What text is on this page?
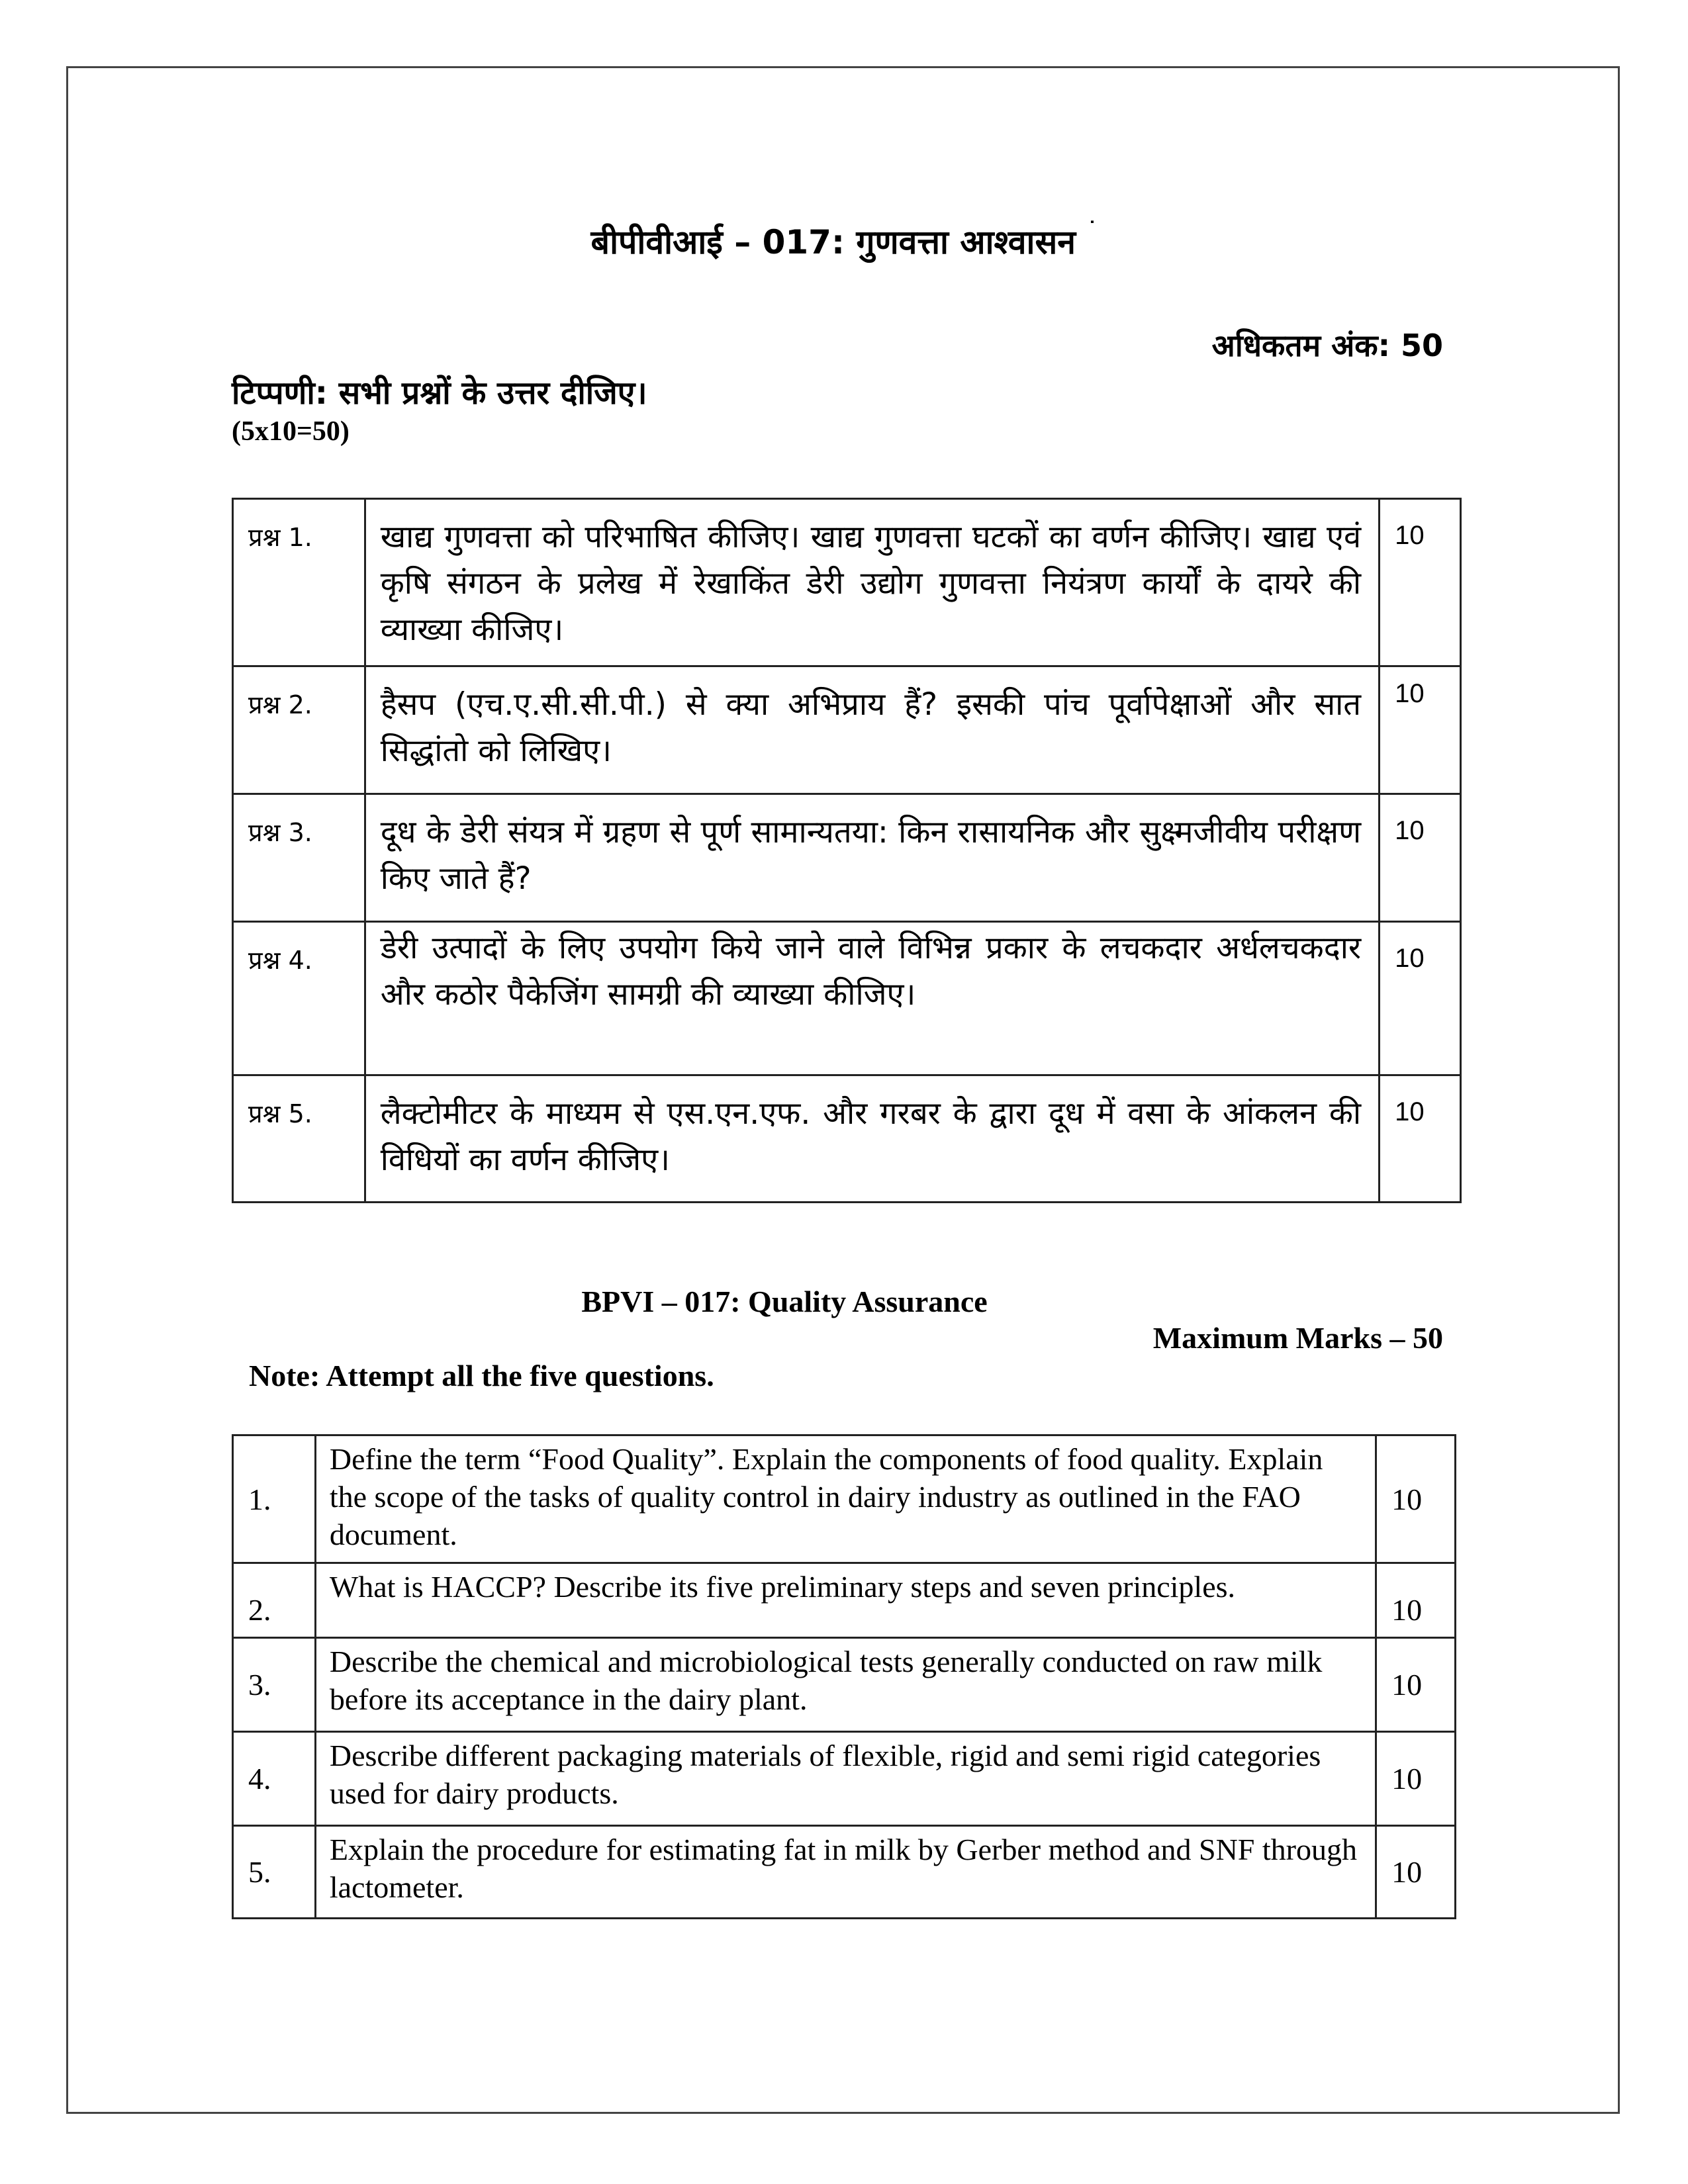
बीपीवीआई – 017: गुणवत्ता आश्वासन ˙
अधिकतम अंक: 50
टिप्पणी: सभी प्रश्नों के उत्तर दीजिए।
(5x10=50)
प्रश्न 1.	खाद्य गुणवत्ता को परिभाषित कीजिए। खाद्य गुणवत्ता घटकों का वर्णन कीजिए। खाद्य एवं कृषि संगठन के प्रलेख में रेखाकिंत डेरी उद्योग गुणवत्ता नियंत्रण कार्यों के दायरे की व्याख्या कीजिए।	10
प्रश्न 2.	हैसप (एच.ए.सी.सी.पी.) से क्या अभिप्राय हैं? इसकी पांच पूर्वापेक्षाओं और सात सिद्धांतो को लिखिए।	10
प्रश्न 3.	दूध के डेरी संयत्र में ग्रहण से पूर्ण सामान्यतया: किन रासायनिक और सुक्ष्मजीवीय परीक्षण किए जाते हैं?	10
प्रश्न 4.	डेरी उत्पादों के लिए उपयोग किये जाने वाले विभिन्न प्रकार के लचकदार अर्धलचकदार और कठोर पैकेजिंग सामग्री की व्याख्या कीजिए।	10
प्रश्न 5.	लैक्टोमीटर के माध्यम से एस.एन.एफ. और गरबर के द्वारा दूध में वसा के आंकलन की विधियों का वर्णन कीजिए।	10
BPVI – 017: Quality Assurance
Maximum Marks – 50
Note: Attempt all the five questions.
1.	Define the term “Food Quality”. Explain the components of food quality. Explain the scope of the tasks of quality control in dairy industry as outlined in the FAO document.	10
2.	What is HACCP? Describe its five preliminary steps and seven principles.	10
3.	Describe the chemical and microbiological tests generally conducted on raw milk before its acceptance in the dairy plant.	10
4.	Describe different packaging materials of flexible, rigid and semi rigid categories used for dairy products.	10
5.	Explain the procedure for estimating fat in milk by Gerber method and SNF through lactometer.	10
